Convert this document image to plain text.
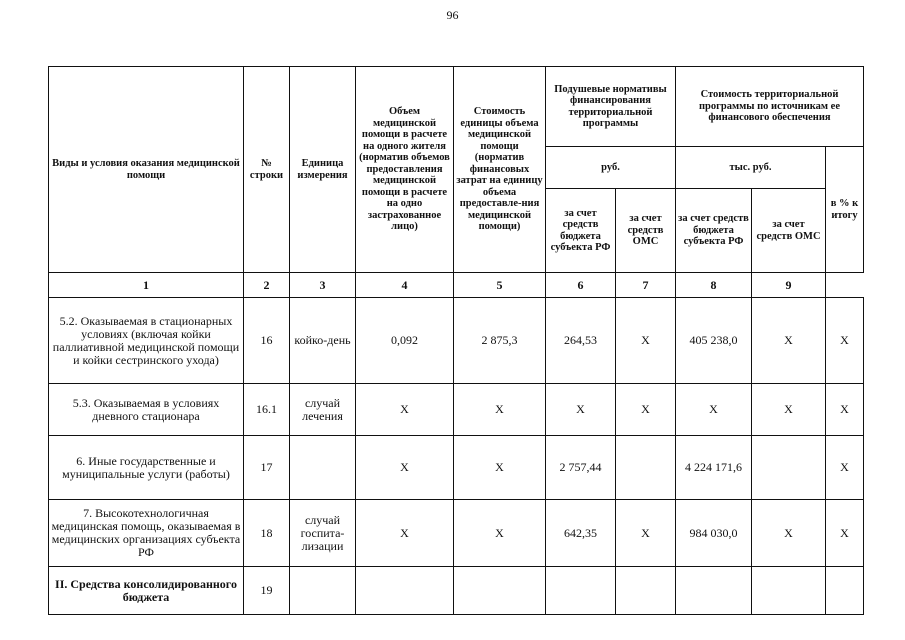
96
Виды и условия оказания медицинской помощи	№ строки	Единица измерения	Объем медицинской помощи в расчете на одного жителя (норматив объемов предоставления медицинской помощи в расчете на одно застрахованное лицо)	Стоимость единицы объема медицинской помощи (норматив финансовых затрат на единицу объема предоставле-ния медицинской помощи)	Подушевые нормативы финансирования территориальной программы		Стоимость территориальной программы по источникам ее финансового обеспечения		
					руб.		тыс. руб.		в % к итогу
					за счет средств бюджета субъекта РФ	за счет средств ОМС	за счет средств бюджета субъекта РФ	за счет средств ОМС	
1	2	3	4	5	6	7	8	9	
5.2. Оказываемая в стационарных условиях (включая койки паллиативной медицинской помощи и койки сестринского ухода)	16	койко-день	0,092	2 875,3	264,53	Х	405 238,0	Х	Х
5.3. Оказываемая в условиях дневного стационара	16.1	случай лечения	Х	Х	Х	Х	Х	Х	Х
6. Иные государственные и муниципальные услуги (работы)	17		Х	Х	2 757,44		4 224 171,6		Х
7. Высокотехнологичная медицинская помощь, оказываемая в медицинских организациях субъекта РФ	18	случай госпита-лизации	Х	Х	642,35	Х	984 030,0	Х	Х
II. Средства консолидированного бюджета	19								
